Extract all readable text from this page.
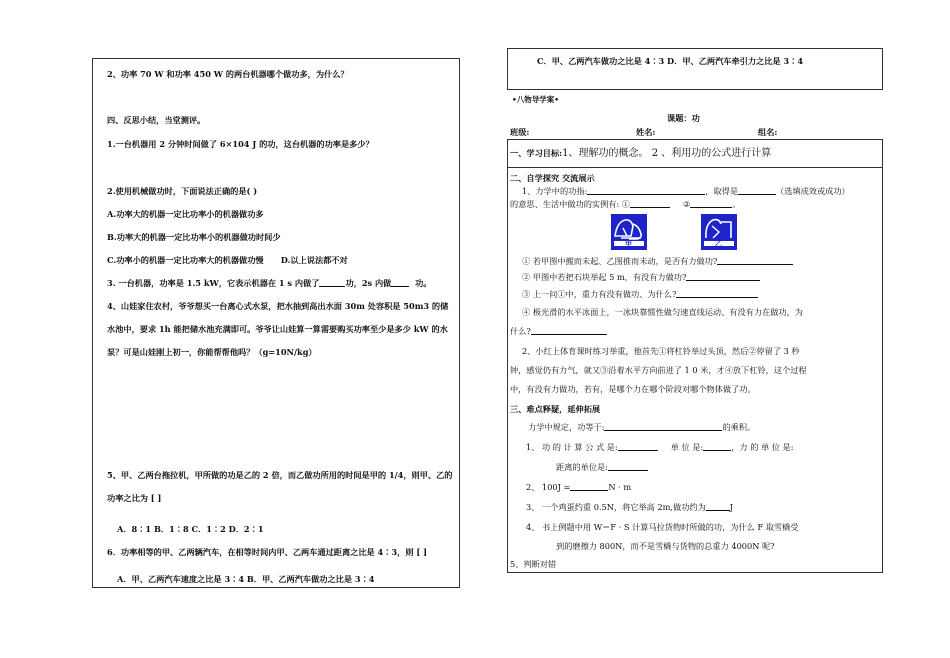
2、功率 70 W 和功率 450 W 的两台机器哪个做功多，为什么？
四、反思小结，当堂测评。
1.一台机器用 2 分钟时间做了 6×104 J 的功，这台机器的功率是多少？
2.使用机械做功时，下面说法正确的是( )
A.功率大的机器一定比功率小的机器做功多
B.功率大的机器一定比功率小的机器做功时间少
C.功率小的机器一定比功率大的机器做功慢 D.以上说法都不对
3. 一台机器，功率是 1.5 kW，它表示机器在 1 s 内做了	功，2s 内做	功。
4、山娃家住农村，爷爷想买一台离心式水泵，把水抽到高出水面 30m 处容积是 50m3 的储
水池中，要求 1h 能把储水池充满即可。爷爷让山娃算一算需要购买功率至少是多少 kW 的水
泵？可是山娃刚上初一，你能帮帮他吗？（g=10N/kg）
5、甲、乙两台拖拉机，甲所做的功是乙的 2 倍，而乙做功所用的时间是甲的 1/4，则甲、乙的
功率之比为 [ ]
A．8∶1 B．1∶8 C．1∶2 D．2∶1
6．功率相等的甲、乙两辆汽车，在相等时间内甲、乙两车通过距离之比是 4∶3，则 [ ]
A．甲、乙两汽车速度之比是 3∶4 B．甲、乙两汽车做功之比是 3∶4
C．甲、乙两汽车做功之比是 4∶3 D．甲、乙两汽车牵引力之比是 3∶4
•八物导学案•
课题：功
班级:	姓名:	组名:
一、学习目标:1、理解功的概念。 2 、利用功的公式进行计算
二、自学探究 交流展示
1、力学中的功指:	，取得是	（选填成效或成功）
的意思、生活中做功的实例有: ①	②	。
甲	乙
① 若甲图中搬而未起、乙图推而未动，是否有力做功?
② 甲图中若把石块举起 5 m，有没有力做功?
③ 上一问①中，重力有没有做功、为什么?
④ 极光滑的水平冰面上，一冰块靠惯性做匀速直线运动、有没有力在做功，为
什么?
2、小红上体育课时练习举重，他首先①将杠铃举过头顶，然后②停留了 3 秒
钟，感觉仍有力气，就又③沿着水平方向前进了 1 0 米，才④放下杠铃，这个过程
中，有没有力做功，若有，是哪个力在哪个阶段对哪个物体做了功。
三、难点释疑，延伸拓展
力学中规定，功等于:	的乘积。
1、 功 的 计 算 公 式 是:	单 位 是:	，力 的 单 位 是:
距离的单位是:
2、 100J =	N · m
3、 一个鸡蛋约重 0.5N，将它举高 2m,做功约为	J
4、 书上例题中用 W＝F · S 计算马拉货物时所做的功，为什么 F 取雪橇受
到的磨擦力 800N，而不是雪橇与货物的总重力 4000N 呢?
5、判断对错
